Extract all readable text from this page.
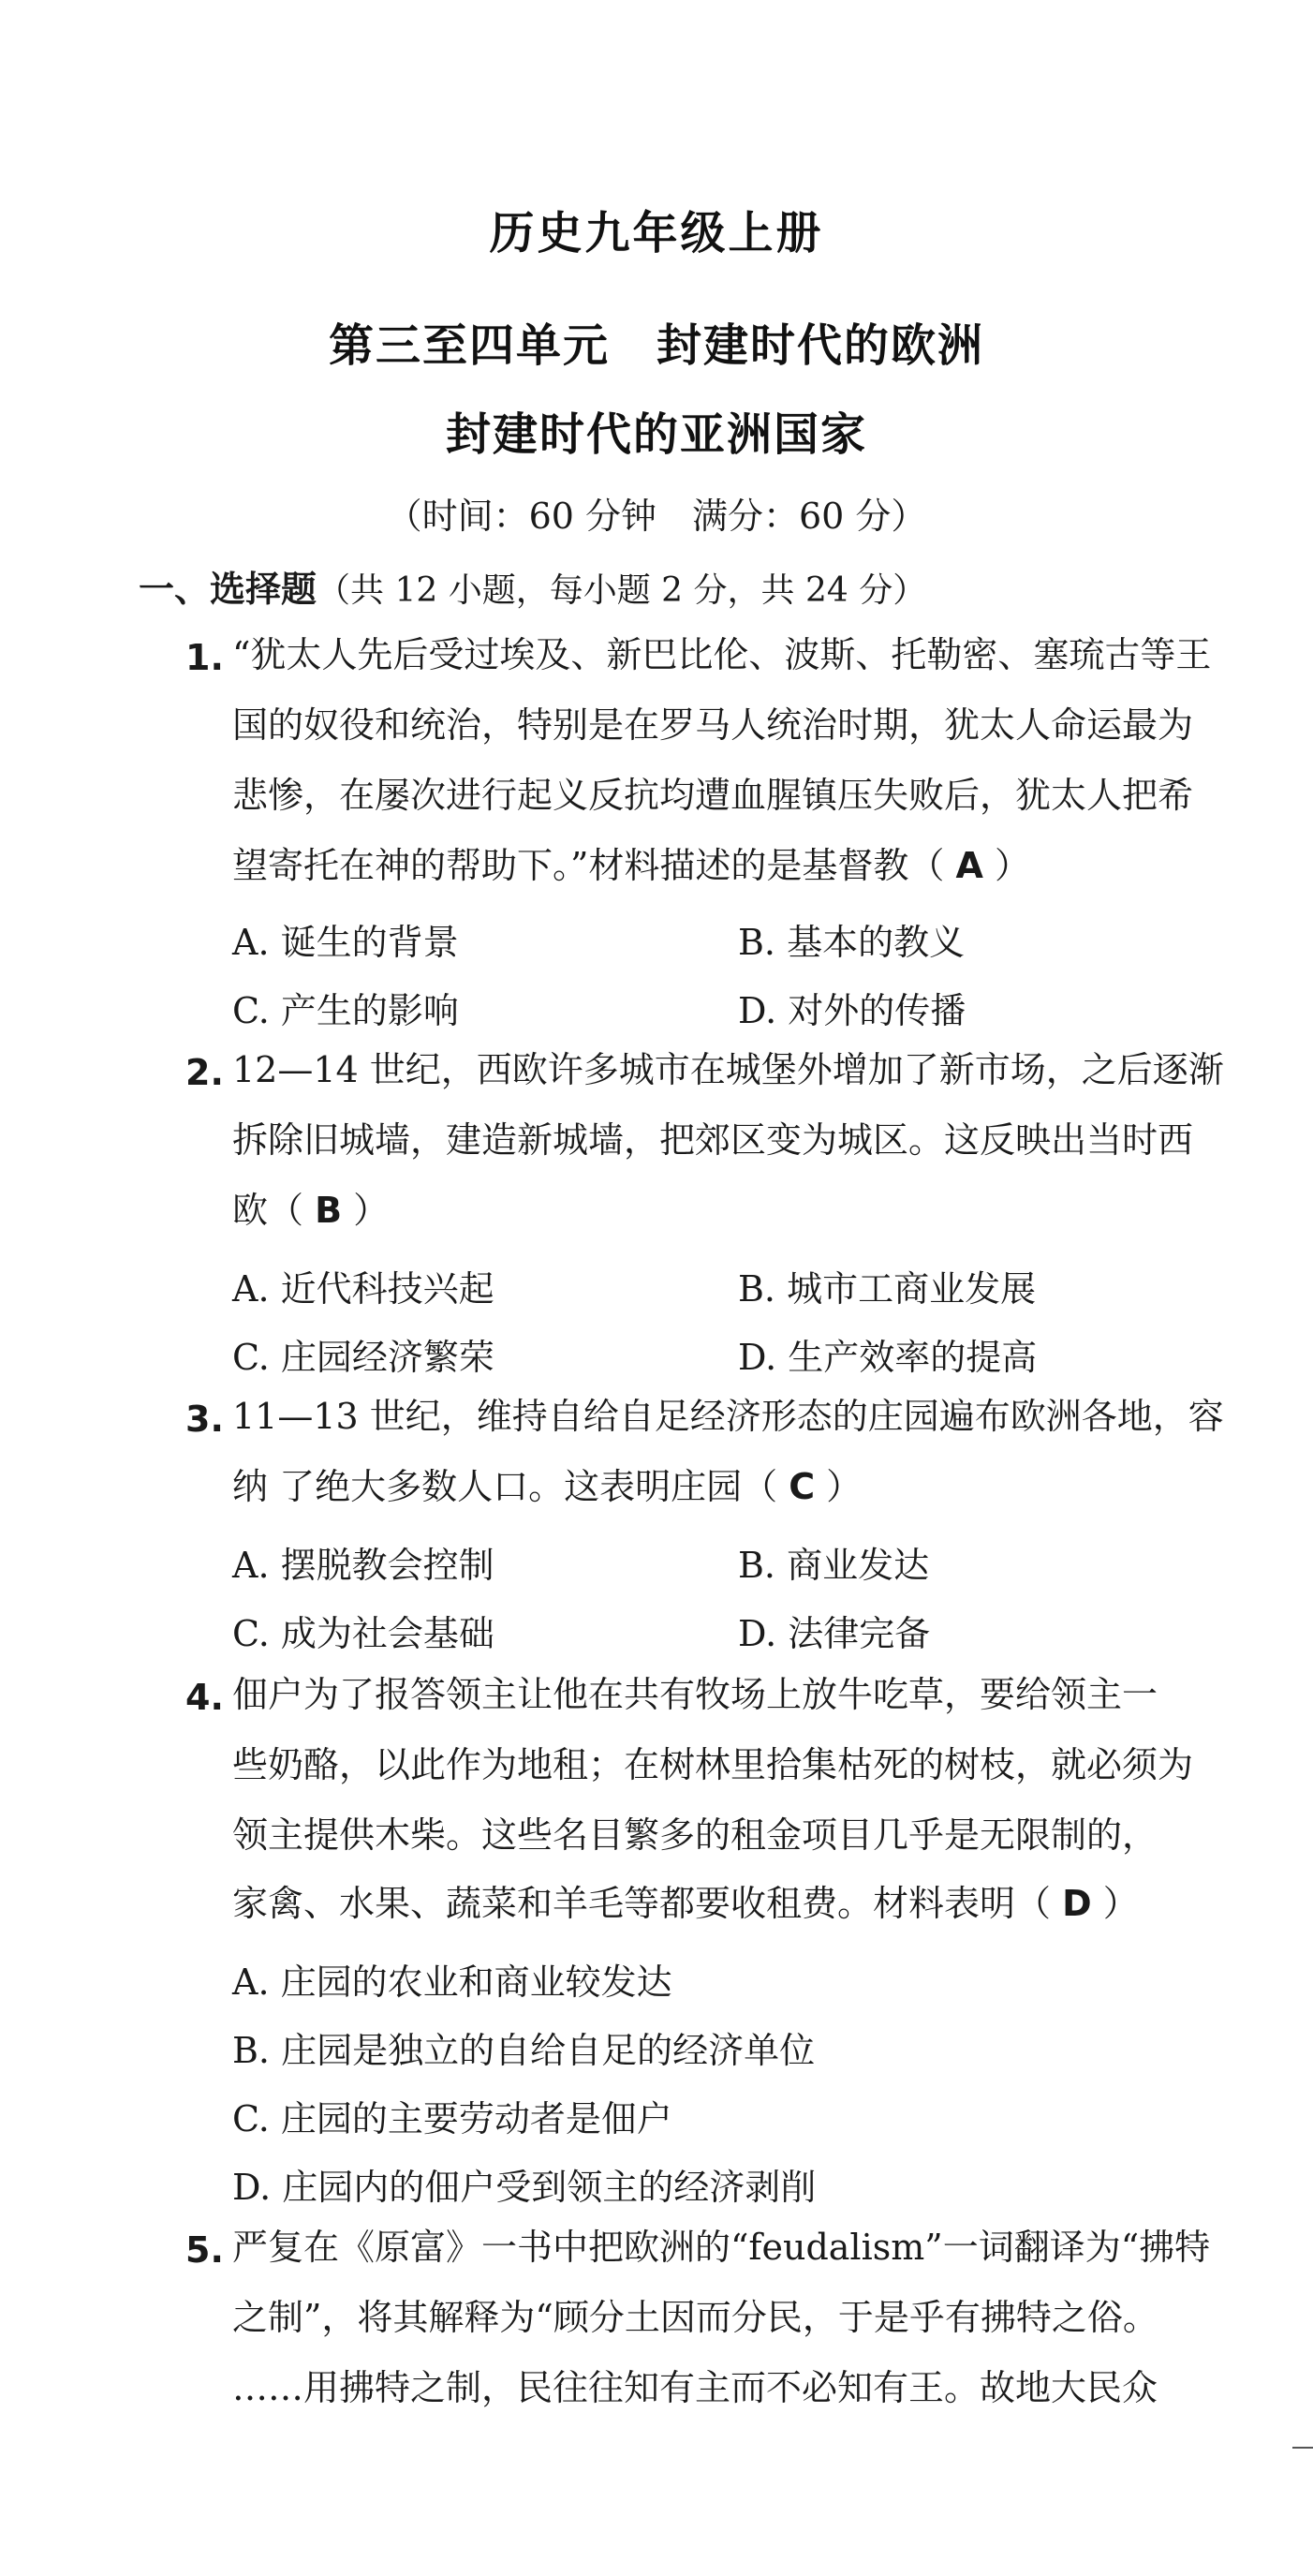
历史九年级上册
第三至四单元　封建时代的欧洲
封建时代的亚洲国家
（时间：60 分钟　满分：60 分）
一、选择题（共 12 小题，每小题 2 分，共 24 分）
1. “犹太人先后受过埃及、新巴比伦、波斯、托勒密、塞琉古等王
国的奴役和统治，特别是在罗马人统治时期，犹太人命运最为
悲惨，在屡次进行起义反抗均遭血腥镇压失败后，犹太人把希
望寄托在神的帮助下。”材料描述的是基督教（ A ）
A. 诞生的背景	B. 基本的教义
C. 产生的影响	D. 对外的传播
2. 12—14 世纪，西欧许多城市在城堡外增加了新市场，之后逐渐
拆除旧城墙，建造新城墙，把郊区变为城区。这反映出当时西
欧（ B ）
A. 近代科技兴起	B. 城市工商业发展
C. 庄园经济繁荣	D. 生产效率的提高
3. 11—13 世纪，维持自给自足经济形态的庄园遍布欧洲各地，容
纳 了绝大多数人口。这表明庄园（ C ）
A. 摆脱教会控制	B. 商业发达
C. 成为社会基础	D. 法律完备
4. 佃户为了报答领主让他在共有牧场上放牛吃草，要给领主一
些奶酪，以此作为地租；在树林里拾集枯死的树枝，就必须为
领主提供木柴。这些名目繁多的租金项目几乎是无限制的，
家禽、水果、蔬菜和羊毛等都要收租费。材料表明（ D ）
A. 庄园的农业和商业较发达
B. 庄园是独立的自给自足的经济单位
C. 庄园的主要劳动者是佃户
D. 庄园内的佃户受到领主的经济剥削
5. 严复在《原富》一书中把欧洲的“feudalism”一词翻译为“拂特
之制”，将其解释为“顾分土因而分民，于是乎有拂特之俗。
……用拂特之制，民往往知有主而不必知有王。故地大民众
